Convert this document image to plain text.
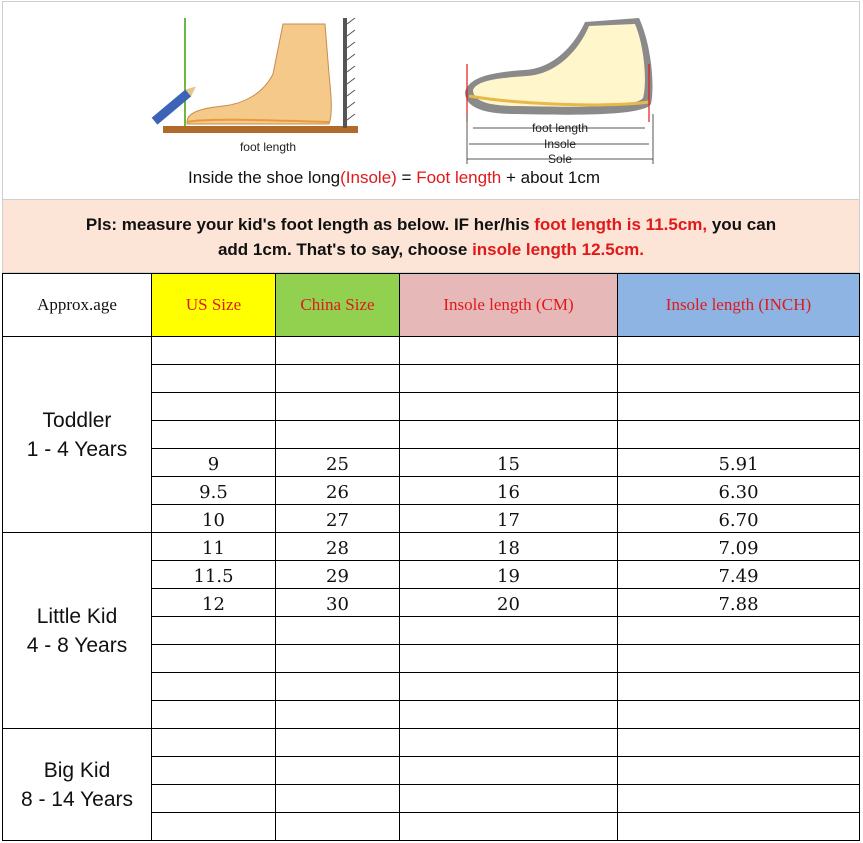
foot length
foot length
Insole
Sole
Inside the shoe long(Insole) = Foot length + about 1cm
Pls: measure your kid's foot length as below. IF her/his foot length is 11.5cm, you can
add 1cm. That's to say, choose insole length 12.5cm.
Approx.age	US Size	China Size	Insole length (CM)	Insole length (INCH)

Toddler
1 - 4 Years				

	9	25	15	5.91
	9.5	26	16	6.30
	10	27	17	6.70

Little Kid
4 - 8 Years	11	28	18	7.09
	11.5	29	19	7.49
	12	30	20	7.88

Big Kid
8 - 14 Years				
